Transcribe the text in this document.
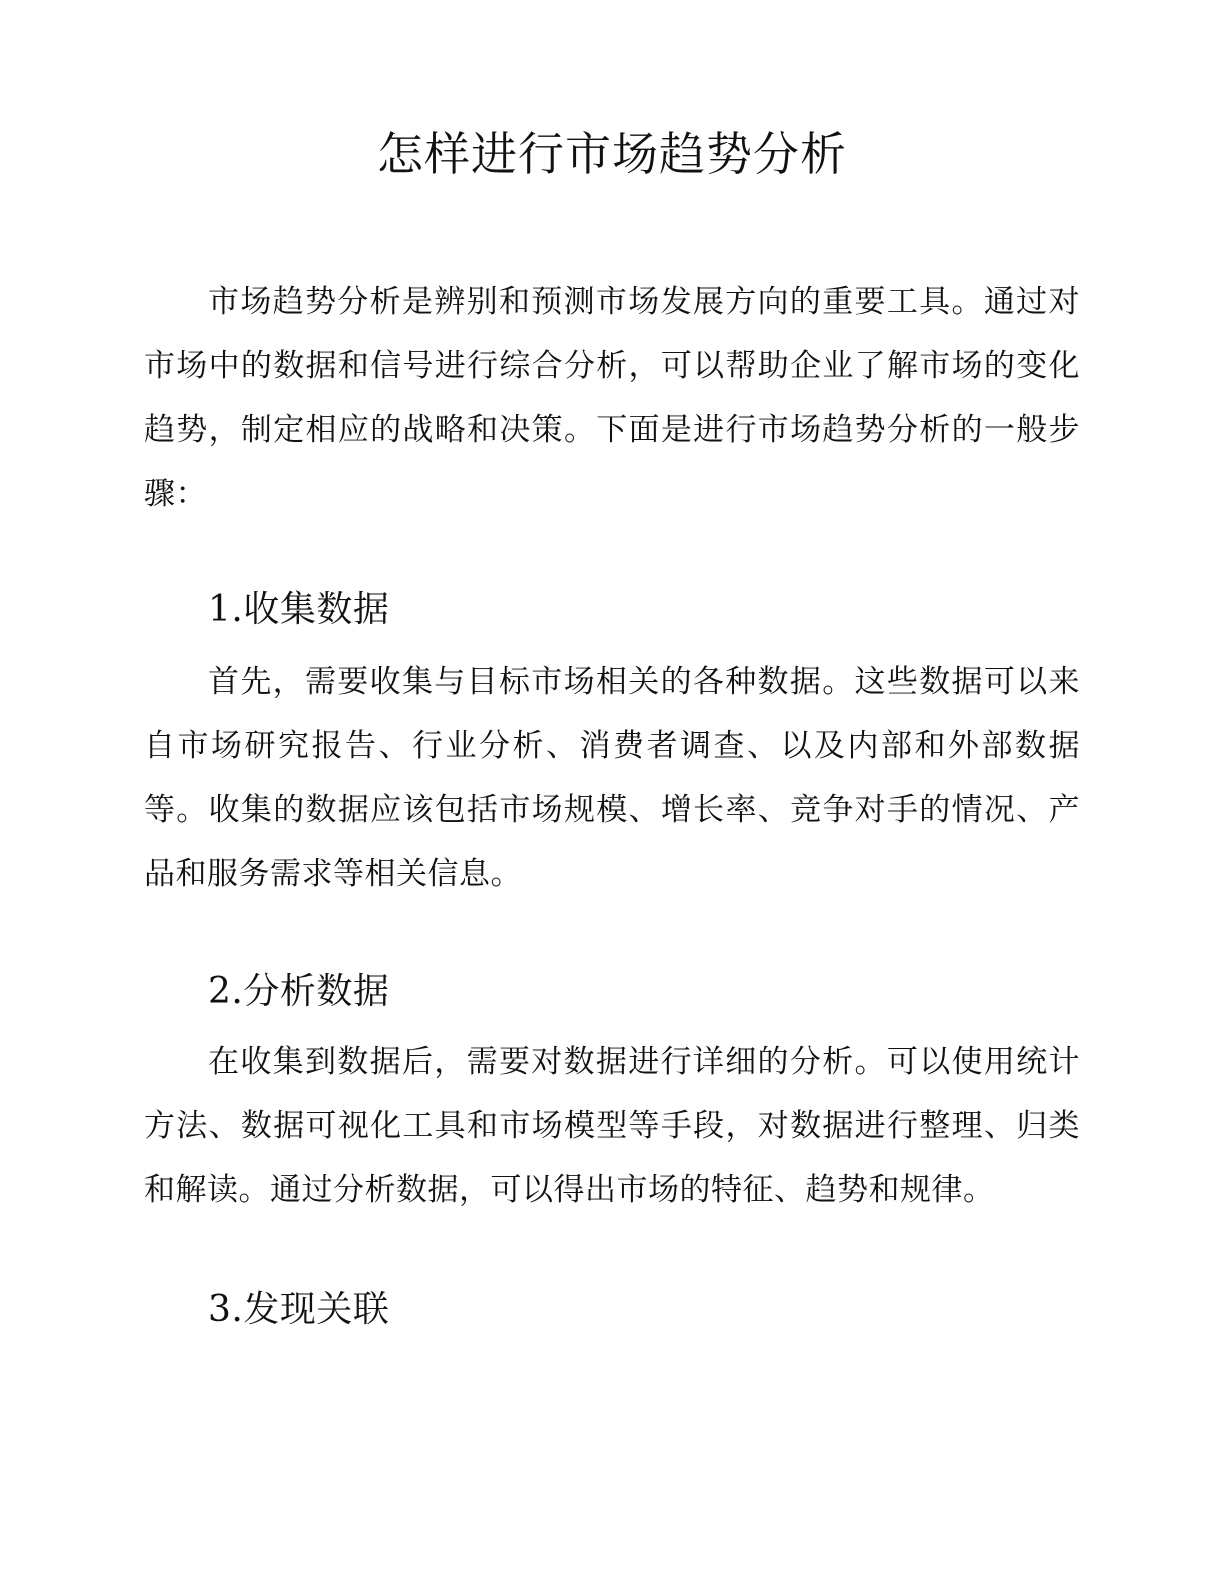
怎样进行市场趋势分析

市场趋势分析是辨别和预测市场发展方向的重要工具。通过对市场中的数据和信号进行综合分析，可以帮助企业了解市场的变化趋势，制定相应的战略和决策。下面是进行市场趋势分析的一般步骤：

1.收集数据

首先，需要收集与目标市场相关的各种数据。这些数据可以来自市场研究报告、行业分析、消费者调查、以及内部和外部数据等。收集的数据应该包括市场规模、增长率、竞争对手的情况、产品和服务需求等相关信息。

2.分析数据

在收集到数据后，需要对数据进行详细的分析。可以使用统计方法、数据可视化工具和市场模型等手段，对数据进行整理、归类和解读。通过分析数据，可以得出市场的特征、趋势和规律。

3.发现关联
